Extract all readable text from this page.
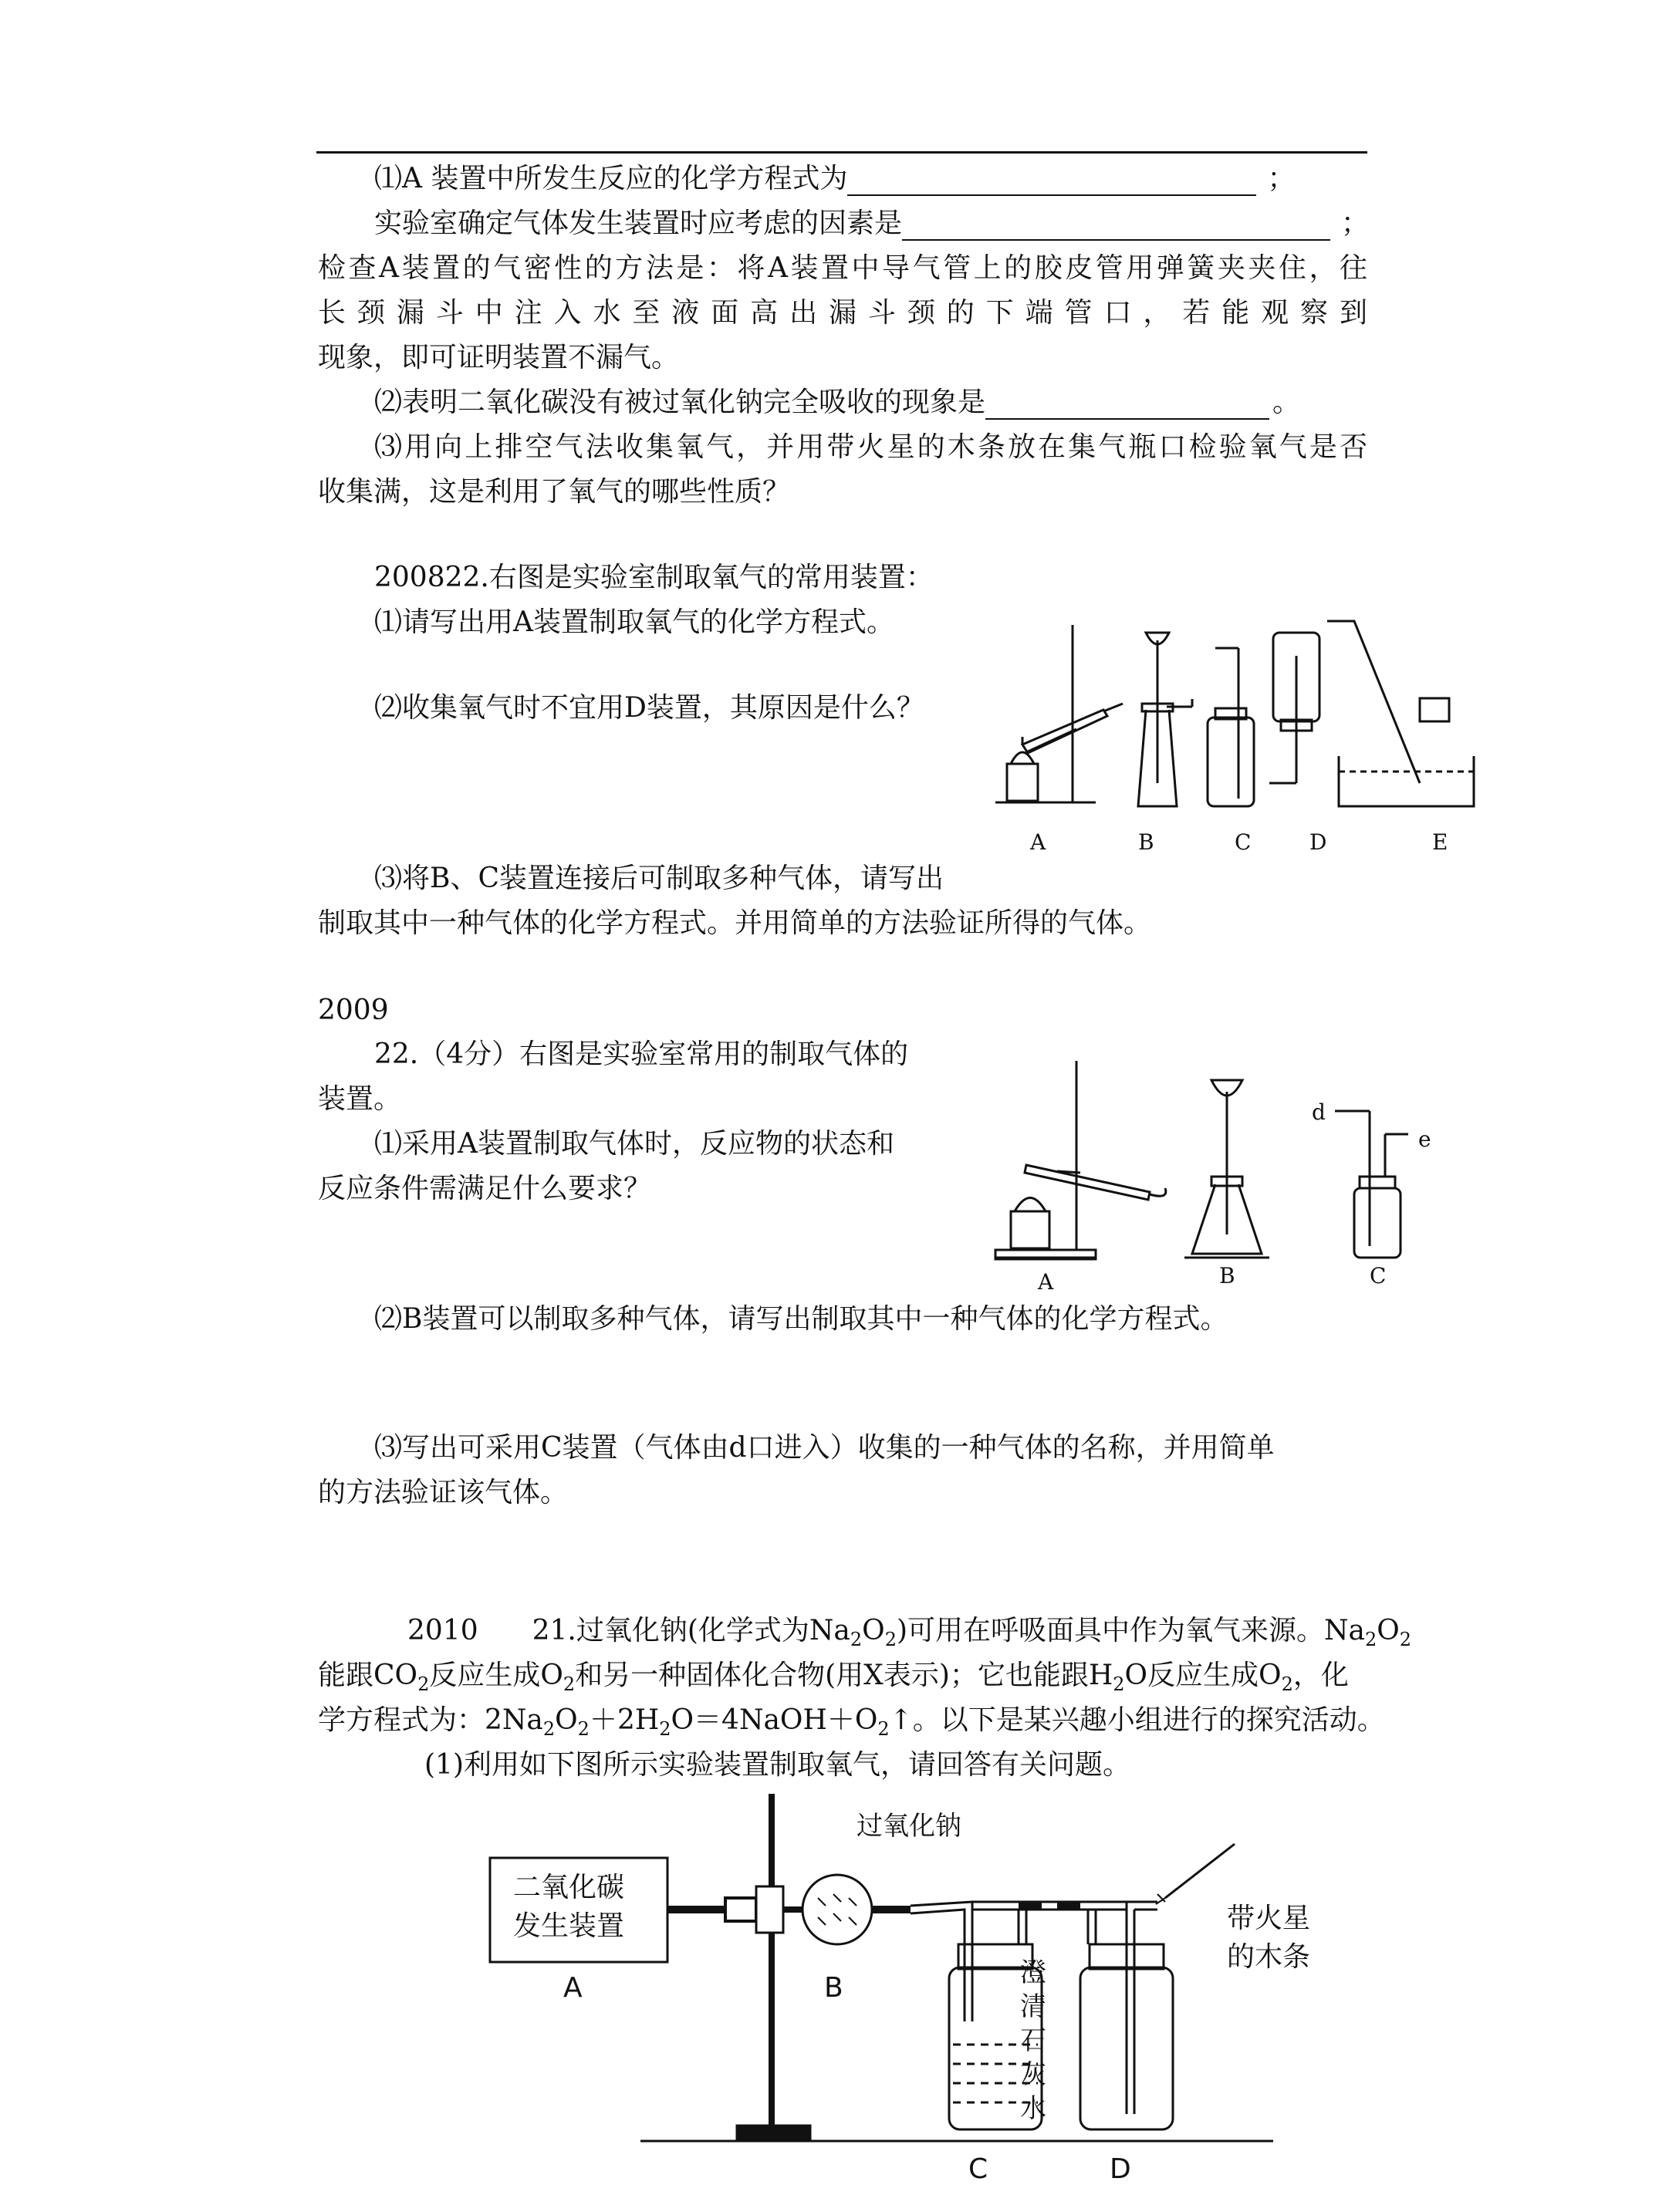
⑴A 装置中所发生反应的化学方程式为	；
实验室确定气体发生装置时应考虑的因素是	；
检查A装置的气密性的方法是：将A装置中导气管上的胶皮管用弹簧夹夹住，往
长颈漏斗中注入水至液面高出漏斗颈的下端管口，若能观察到
现象，即可证明装置不漏气。
⑵表明二氧化碳没有被过氧化钠完全吸收的现象是	。
⑶用向上排空气法收集氧气，并用带火星的木条放在集气瓶口检验氧气是否
收集满，这是利用了氧气的哪些性质？
200822.右图是实验室制取氧气的常用装置：
⑴请写出用A装置制取氧气的化学方程式。
⑵收集氧气时不宜用D装置，其原因是什么？
⑶将B、C装置连接后可制取多种气体，请写出
制取其中一种气体的化学方程式。并用简单的方法验证所得的气体。
A	B	C	D	E
2009
22.（4分）右图是实验室常用的制取气体的
装置。
⑴采用A装置制取气体时，反应物的状态和
反应条件需满足什么要求？
⑵B装置可以制取多种气体，请写出制取其中一种气体的化学方程式。
⑶写出可采用C装置（气体由d口进入）收集的一种气体的名称，并用简单
的方法验证该气体。
d
e
A	B	C
2010 21.过氧化钠(化学式为$Na_2O_2$)可用在呼吸面具中作为氧气来源。$Na_2O_2$
能跟$CO_2$反应生成$O_2$和另一种固体化合物(用X表示)；它也能跟$H_2O$反应生成$O_2$，化
学方程式为：$2Na_2O_2+2H_2O=4NaOH+O_2↑$。以下是某兴趣小组进行的探究活动。
(1)利用如下图所示实验装置制取氧气，请回答有关问题。
二氧化碳
发生装置
过氧化钠
澄
清
石
灰
水
带火星
的木条
A	B
C	D
